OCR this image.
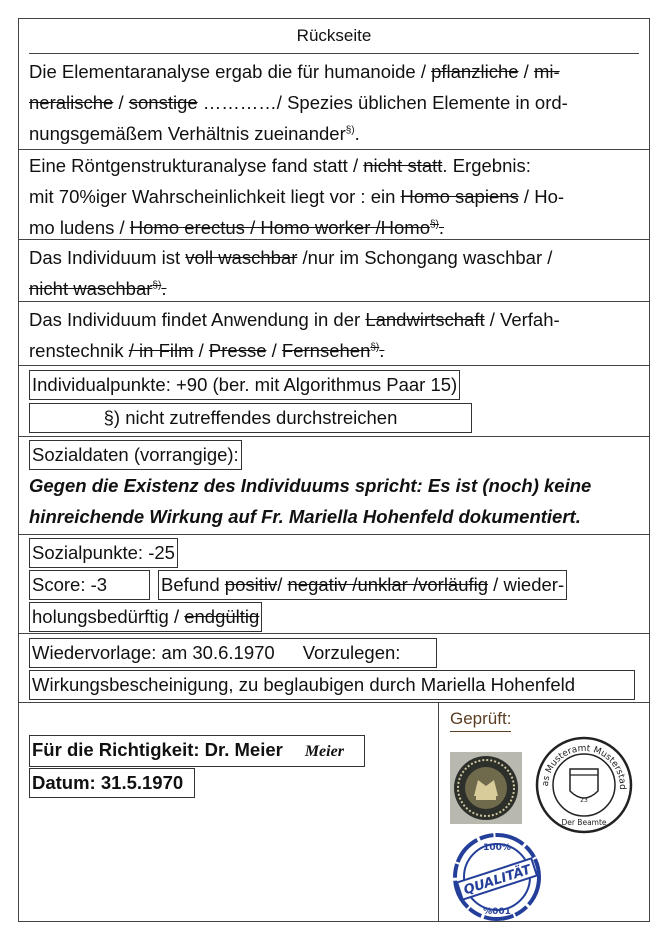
Rückseite
Die Elementaranalyse ergab die für humanoide / pflanzliche / mi-
neralische / sonstige …………/ Spezies üblichen Elemente in ord-
nungsgemäßem Verhältnis zueinander§).
Eine Röntgenstrukturanalyse fand statt / nicht statt. Ergebnis:
mit 70%iger Wahrscheinlichkeit liegt vor : ein Homo sapiens / Ho-
mo ludens / Homo erectus / Homo worker /Homo§).
Das Individuum ist voll waschbar /nur im Schongang waschbar /
nicht waschbar§).
Das Individuum findet Anwendung in der Landwirtschaft / Verfah-
renstechnik / in Film / Presse / Fernsehen§).
Individualpunkte: +90 (ber. mit Algorithmus Paar 15)
§) nicht zutreffendes durchstreichen
Sozialdaten (vorrangige):
Gegen die Existenz des Individuums spricht: Es ist (noch) keine
hinreichende Wirkung auf Fr. Mariella Hohenfeld dokumentiert.
Sozialpunkte: -25
Score: -3	Befund positiv/ negativ /unklar /vorläufig / wieder-
holungsbedürftig / endgültig
Wiedervorlage: am 30.6.1970 Vorzulegen:
Wirkungsbescheinigung, zu beglaubigen durch Mariella Hohenfeld
Für die Richtigkeit: Dr. Meier Meier
Datum: 31.5.1970
Geprüft:
as Musteramt Musterstad
23
Der Beamte
100%
QUALITÄT
%001
